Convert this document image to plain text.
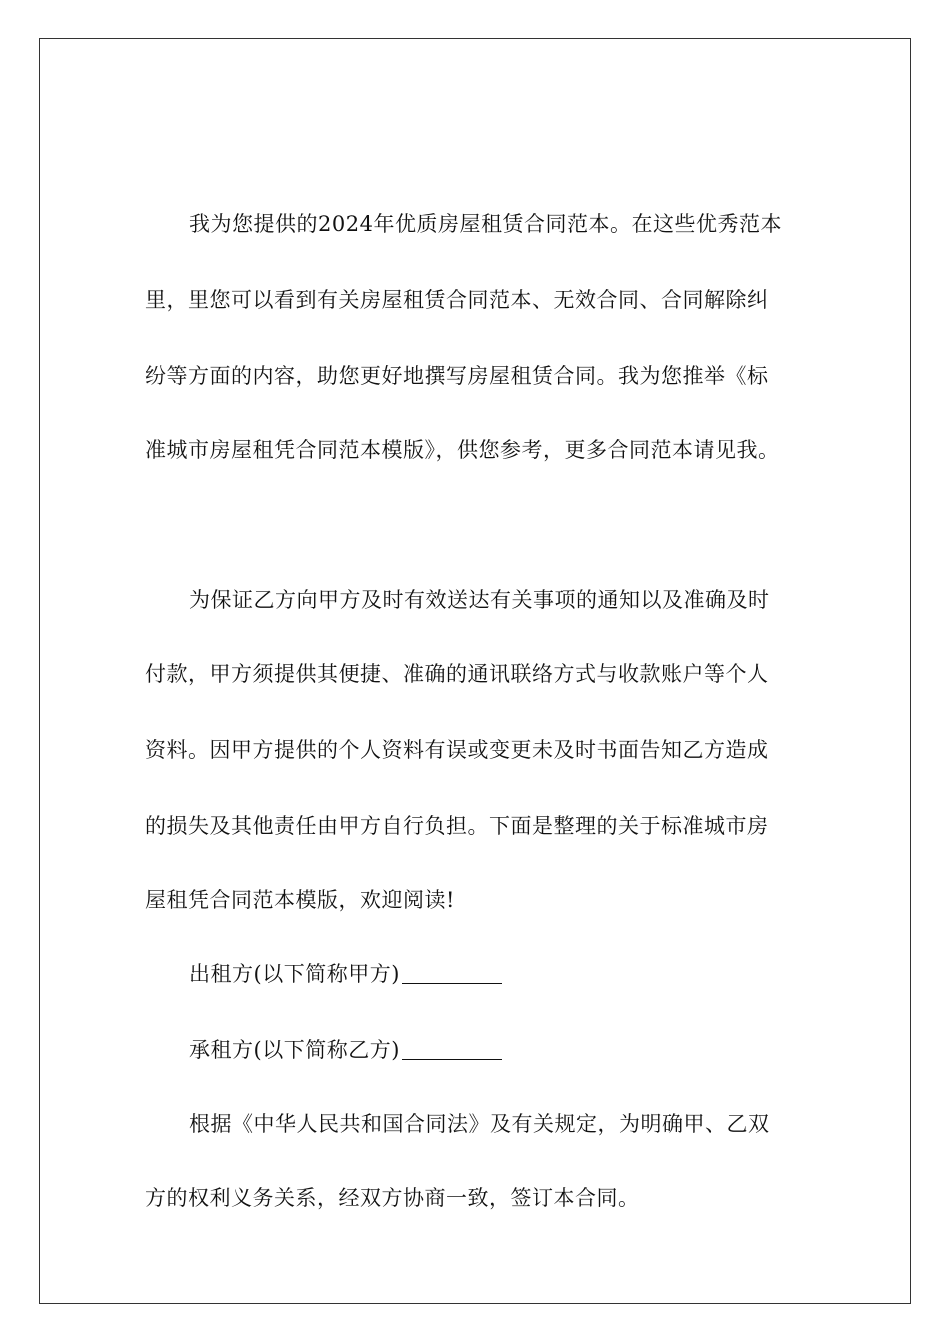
我为您提供的2024年优质房屋租赁合同范本。在这些优秀范本
里，里您可以看到有关房屋租赁合同范本、无效合同、合同解除纠
纷等方面的内容，助您更好地撰写房屋租赁合同。我为您推举《标
准城市房屋租凭合同范本模版》，供您参考，更多合同范本请见我。
为保证乙方向甲方及时有效送达有关事项的通知以及准确及时
付款，甲方须提供其便捷、准确的通讯联络方式与收款账户等个人
资料。因甲方提供的个人资料有误或变更未及时书面告知乙方造成
的损失及其他责任由甲方自行负担。下面是整理的关于标准城市房
屋租凭合同范本模版，欢迎阅读!
出租方(以下简称甲方)
承租方(以下简称乙方)
根据《中华人民共和国合同法》及有关规定，为明确甲、乙双
方的权利义务关系，经双方协商一致，签订本合同。
